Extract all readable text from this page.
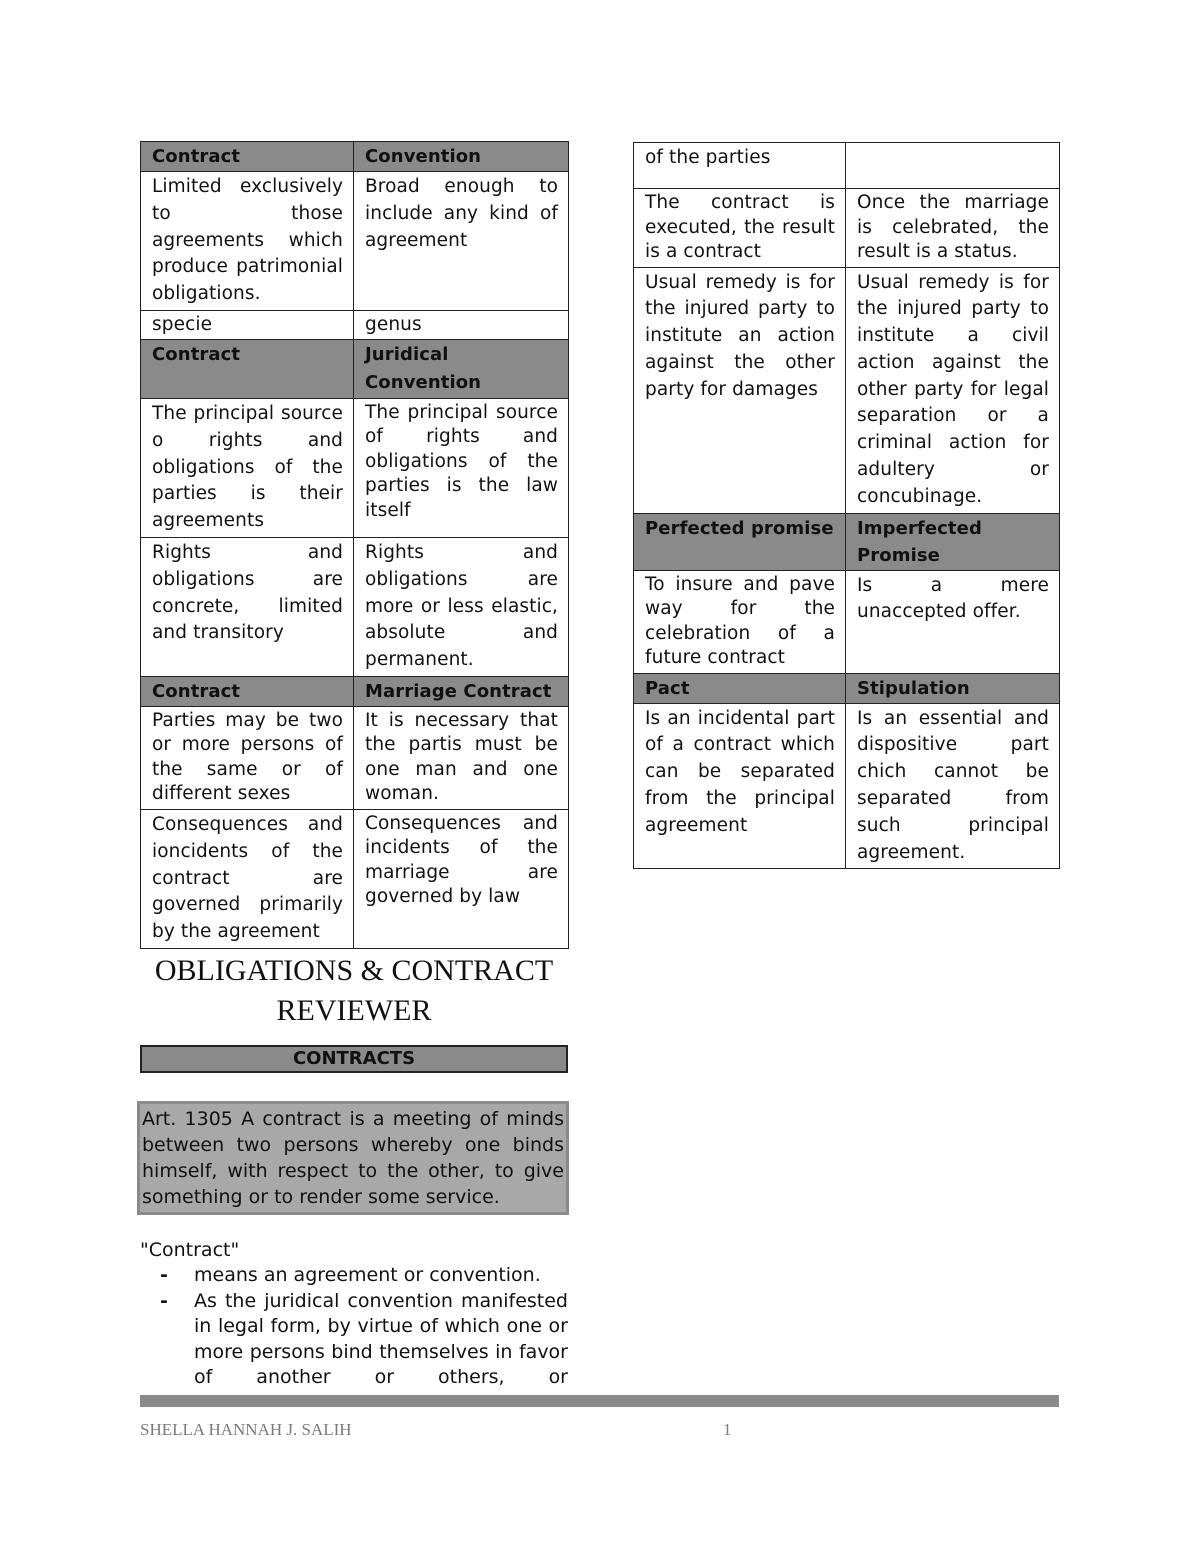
Contract	Convention
Limited exclusively to those agreements which produce patrimonial obligations.	Broad enough to include any kind of agreement
specie	genus
Contract	Juridical Convention
The principal source o rights and obligations of the parties is their agreements	The principal source of rights and obligations of the parties is the law itself
Rights and obligations are concrete, limited and transitory	Rights and obligations are more or less elastic, absolute and permanent.
Contract	Marriage Contract
Parties may be two or more persons of the same or of different sexes	It is necessary that the partis must be one man and one woman.
Consequences and ioncidents of the contract are governed primarily by the agreement	Consequences and incidents of the marriage are governed by law
OBLIGATIONS & CONTRACT
REVIEWER
CONTRACTS
Art. 1305 A contract is a meeting of minds between two persons whereby one binds himself, with respect to the other, to give something or to render some service.
"Contract"
- means an agreement or convention.
- As the juridical convention manifested in legal form, by virtue of which one or more persons bind themselves in favor of another or others, or
of the parties	
The contract is executed, the result is a contract	Once the marriage is celebrated, the result is a status.
Usual remedy is for the injured party to institute an action against the other party for damages	Usual remedy is for the injured party to institute a civil action against the other party for legal separation or a criminal action for adultery or concubinage.
Perfected promise	Imperfected Promise
To insure and pave way for the celebration of a future contract	Is a mere unaccepted offer.
Pact	Stipulation
Is an incidental part of a contract which can be separated from the principal agreement	Is an essential and dispositive part chich cannot be separated from such principal agreement.
SHELLA HANNAH J. SALIH	1
